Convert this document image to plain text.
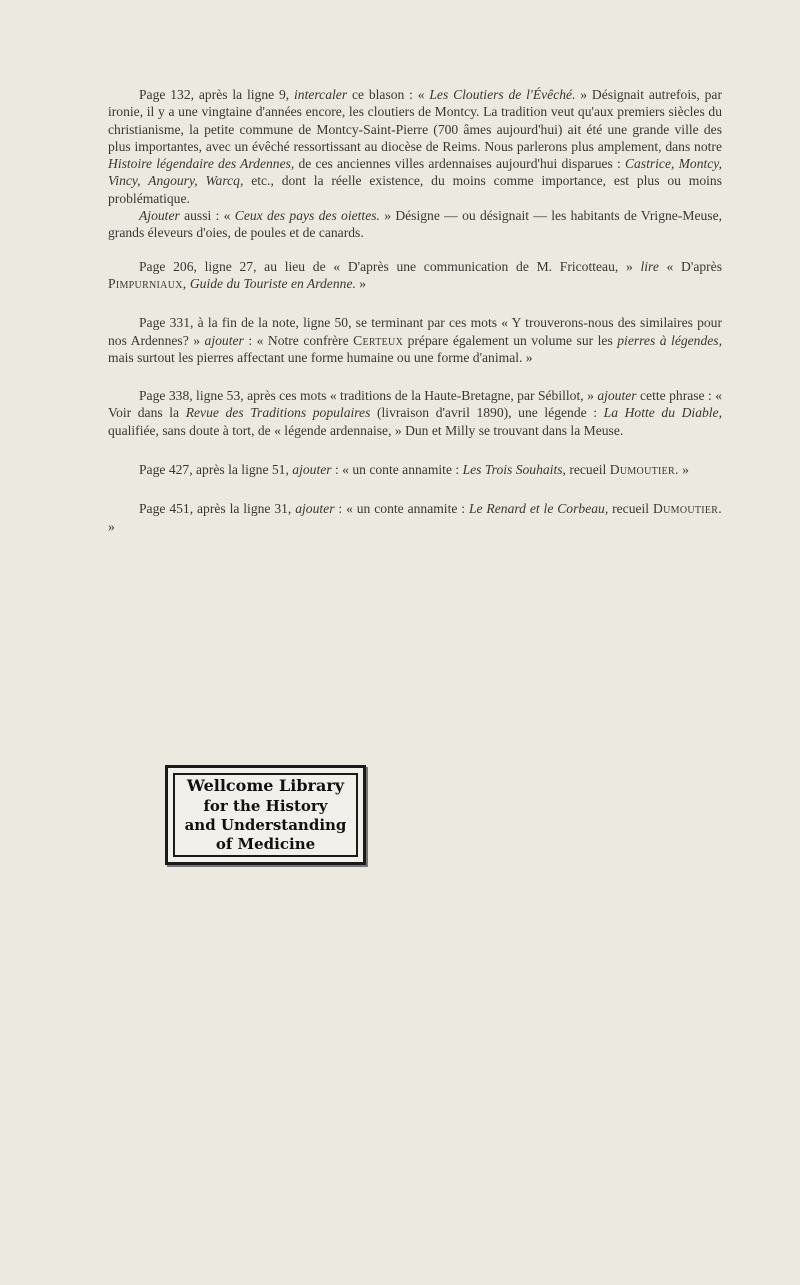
Page 132, après la ligne 9, intercaler ce blason : « Les Cloutiers de l'Évêché. » Désignait autrefois, par ironie, il y a une vingtaine d'années encore, les cloutiers de Montcy. La tradition veut qu'aux premiers siècles du christianisme, la petite commune de Montcy-Saint-Pierre (700 âmes aujourd'hui) ait été une grande ville des plus importantes, avec un évêché ressortissant au diocèse de Reims. Nous parlerons plus amplement, dans notre Histoire légendaire des Ardennes, de ces anciennes villes ardennaises aujourd'hui disparues : Castrice, Montcy, Vincy, Angoury, Warcq, etc., dont la réelle existence, du moins comme importance, est plus ou moins problématique.

Ajouter aussi : « Ceux des pays des oiettes. » Désigne — ou désignait — les habitants de Vrigne-Meuse, grands éleveurs d'oies, de poules et de canards.

Page 206, ligne 27, au lieu de « D'après une communication de M. Fricotteau, » lire « D'après Pimpurniaux, Guide du Touriste en Ardenne. »

Page 331, à la fin de la note, ligne 50, se terminant par ces mots « Y trouverons-nous des similaires pour nos Ardennes? » ajouter : « Notre confrère Certeux prépare également un volume sur les pierres à légendes, mais surtout les pierres affectant une forme humaine ou une forme d'animal. »

Page 338, ligne 53, après ces mots « traditions de la Haute-Bretagne, par Sébillot, » ajouter cette phrase : « Voir dans la Revue des Traditions populaires (livraison d'avril 1890), une légende : La Hotte du Diable, qualifiée, sans doute à tort, de « légende ardennaise, » Dun et Milly se trouvant dans la Meuse.

Page 427, après la ligne 51, ajouter : « un conte annamite : Les Trois Souhaits, recueil Dumoutier. »

Page 451, après la ligne 31, ajouter : « un conte annamite : Le Renard et le Corbeau, recueil Dumoutier. »

Wellcome Library
for the History
and Understanding
of Medicine
